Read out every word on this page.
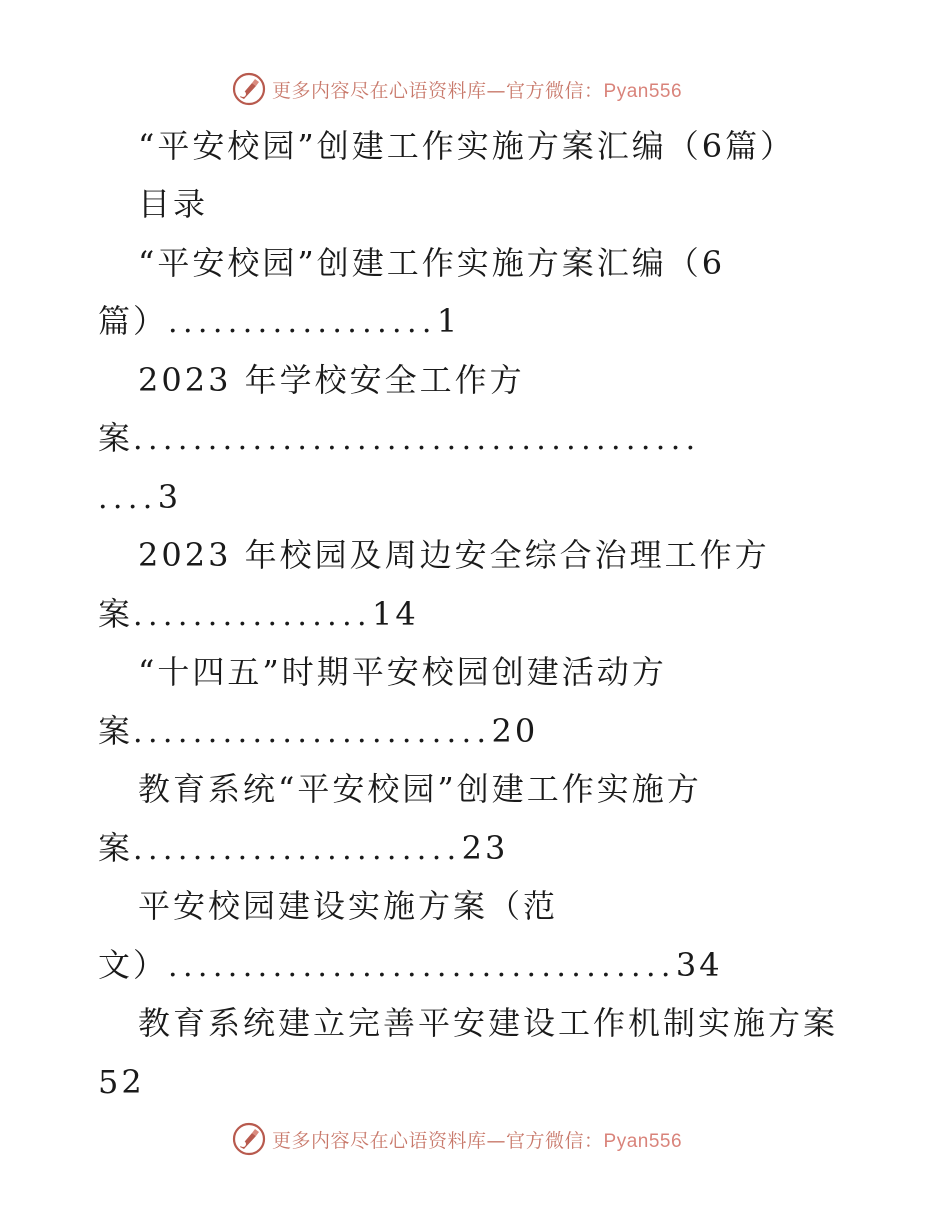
更多内容尽在心语资料库—官方微信：Pyan556
“平安校园”创建工作实施方案汇编（6篇）
目录
“平安校园”创建工作实施方案汇编（6
篇）..................1
2023 年学校安全工作方
案......................................
....3
2023 年校园及周边安全综合治理工作方
案................14
“十四五”时期平安校园创建活动方
案........................20
教育系统“平安校园”创建工作实施方
案......................23
平安校园建设实施方案（范
文）..................................34
教育系统建立完善平安建设工作机制实施方案
52
更多内容尽在心语资料库—官方微信：Pyan556
